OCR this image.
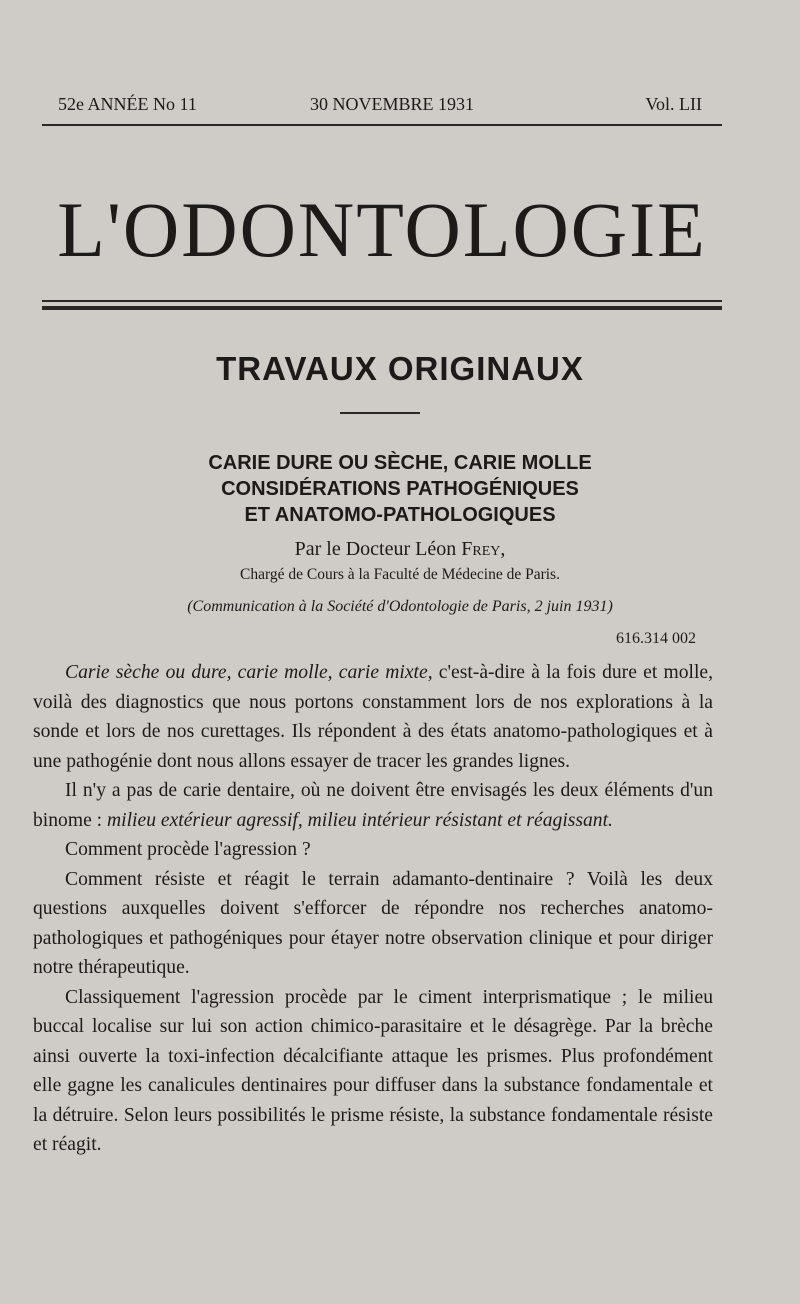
52e ANNÉE No 11	30 NOVEMBRE 1931	Vol. LII
L'ODONTOLOGIE
TRAVAUX ORIGINAUX
CARIE DURE OU SÈCHE, CARIE MOLLE
CONSIDÉRATIONS PATHOGÉNIQUES
ET ANATOMO-PATHOLOGIQUES
Par le Docteur Léon Frey,
Chargé de Cours à la Faculté de Médecine de Paris.
(Communication à la Société d'Odontologie de Paris, 2 juin 1931)
616.314 002

Carie sèche ou dure, carie molle, carie mixte, c'est-à-dire à la fois dure et molle, voilà des diagnostics que nous portons constamment lors de nos explorations à la sonde et lors de nos curettages. Ils répondent à des états anatomo-pathologiques et à une pathogénie dont nous allons essayer de tracer les grandes lignes.

Il n'y a pas de carie dentaire, où ne doivent être envisagés les deux éléments d'un binome : milieu extérieur agressif, milieu intérieur résistant et réagissant.

Comment procède l'agression ?

Comment résiste et réagit le terrain adamanto-dentinaire ? Voilà les deux questions auxquelles doivent s'efforcer de répondre nos recherches anatomo-pathologiques et pathogéniques pour étayer notre observation clinique et pour diriger notre thérapeutique.

Classiquement l'agression procède par le ciment interprismatique ; le milieu buccal localise sur lui son action chimico-parasitaire et le désagrège. Par la brèche ainsi ouverte la toxi-infection décalcifiante attaque les prismes. Plus profondément elle gagne les canalicules dentinaires pour diffuser dans la substance fondamentale et la détruire. Selon leurs possibilités le prisme résiste, la substance fondamentale résiste et réagit.
